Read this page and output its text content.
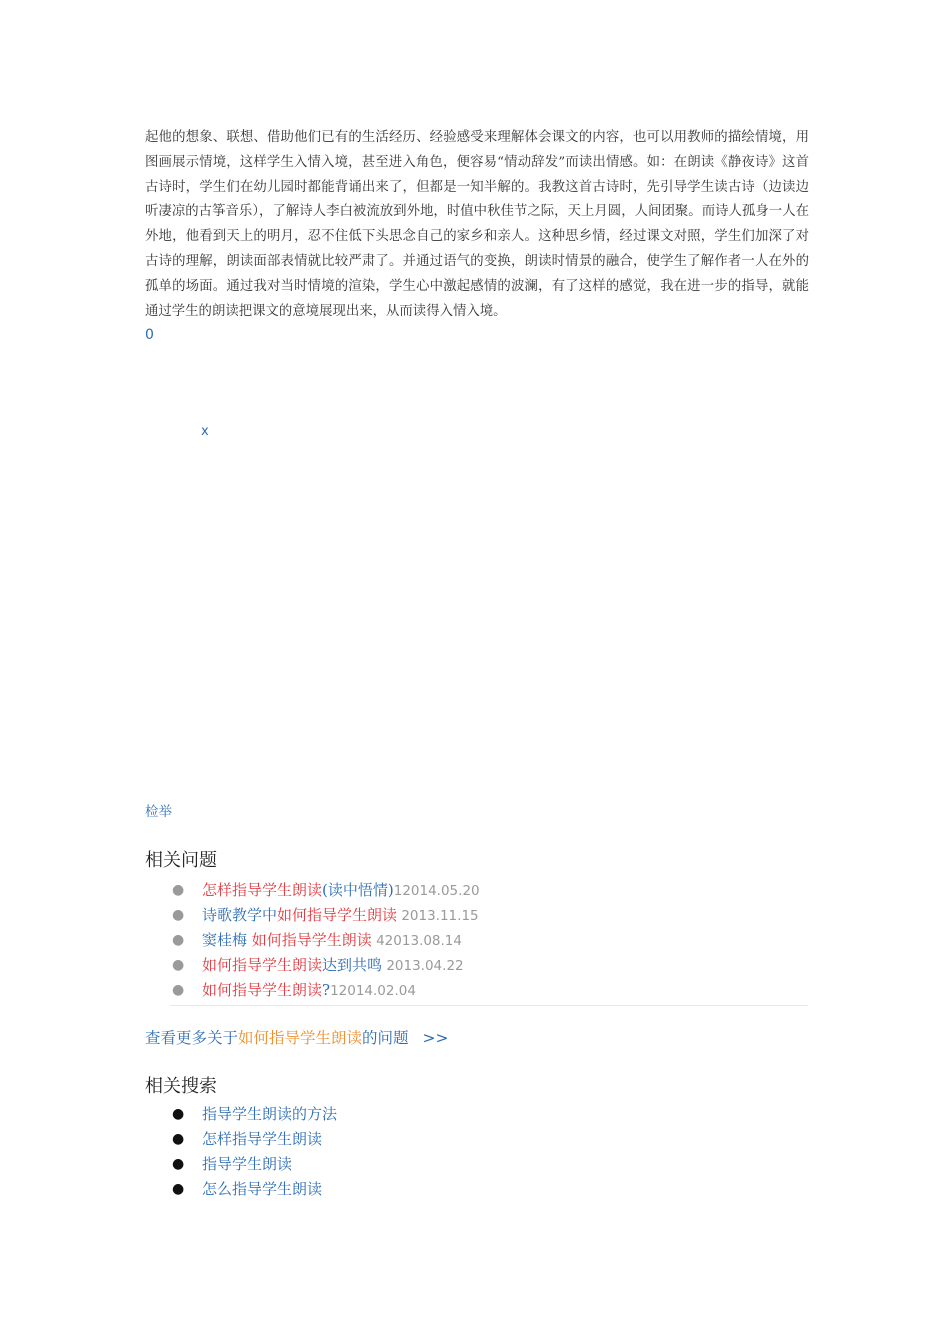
起他的想象、联想、借助他们已有的生活经历、经验感受来理解体会课文的内容，也可以用教师的描绘情境，用图画展示情境，这样学生入情入境，甚至进入角色，便容易“情动辞发”而读出情感。如：在朗读《静夜诗》这首古诗时，学生们在幼儿园时都能背诵出来了，但都是一知半解的。我教这首古诗时，先引导学生读古诗（边读边听凄凉的古筝音乐），了解诗人李白被流放到外地，时值中秋佳节之际，天上月圆，人间团聚。而诗人孤身一人在外地，他看到天上的明月，忍不住低下头思念自己的家乡和亲人。这种思乡情，经过课文对照，学生们加深了对古诗的理解，朗读面部表情就比较严肃了。并通过语气的变换，朗读时情景的融合，使学生了解作者一人在外的孤单的场面。通过我对当时情境的渲染，学生心中激起感情的波澜，有了这样的感觉，我在进一步的指导，就能通过学生的朗读把课文的意境展现出来，从而读得入情入境。

0
x
检举
相关问题
● 怎样指导学生朗读(读中悟情)12014.05.20
● 诗歌教学中如何指导学生朗读 2013.11.15
● 窦桂梅 如何指导学生朗读 42013.08.14
● 如何指导学生朗读达到共鸣 2013.04.22
● 如何指导学生朗读?12014.02.04
查看更多关于如何指导学生朗读的问题 >>
相关搜索
● 指导学生朗读的方法
● 怎样指导学生朗读
● 指导学生朗读
● 怎么指导学生朗读
